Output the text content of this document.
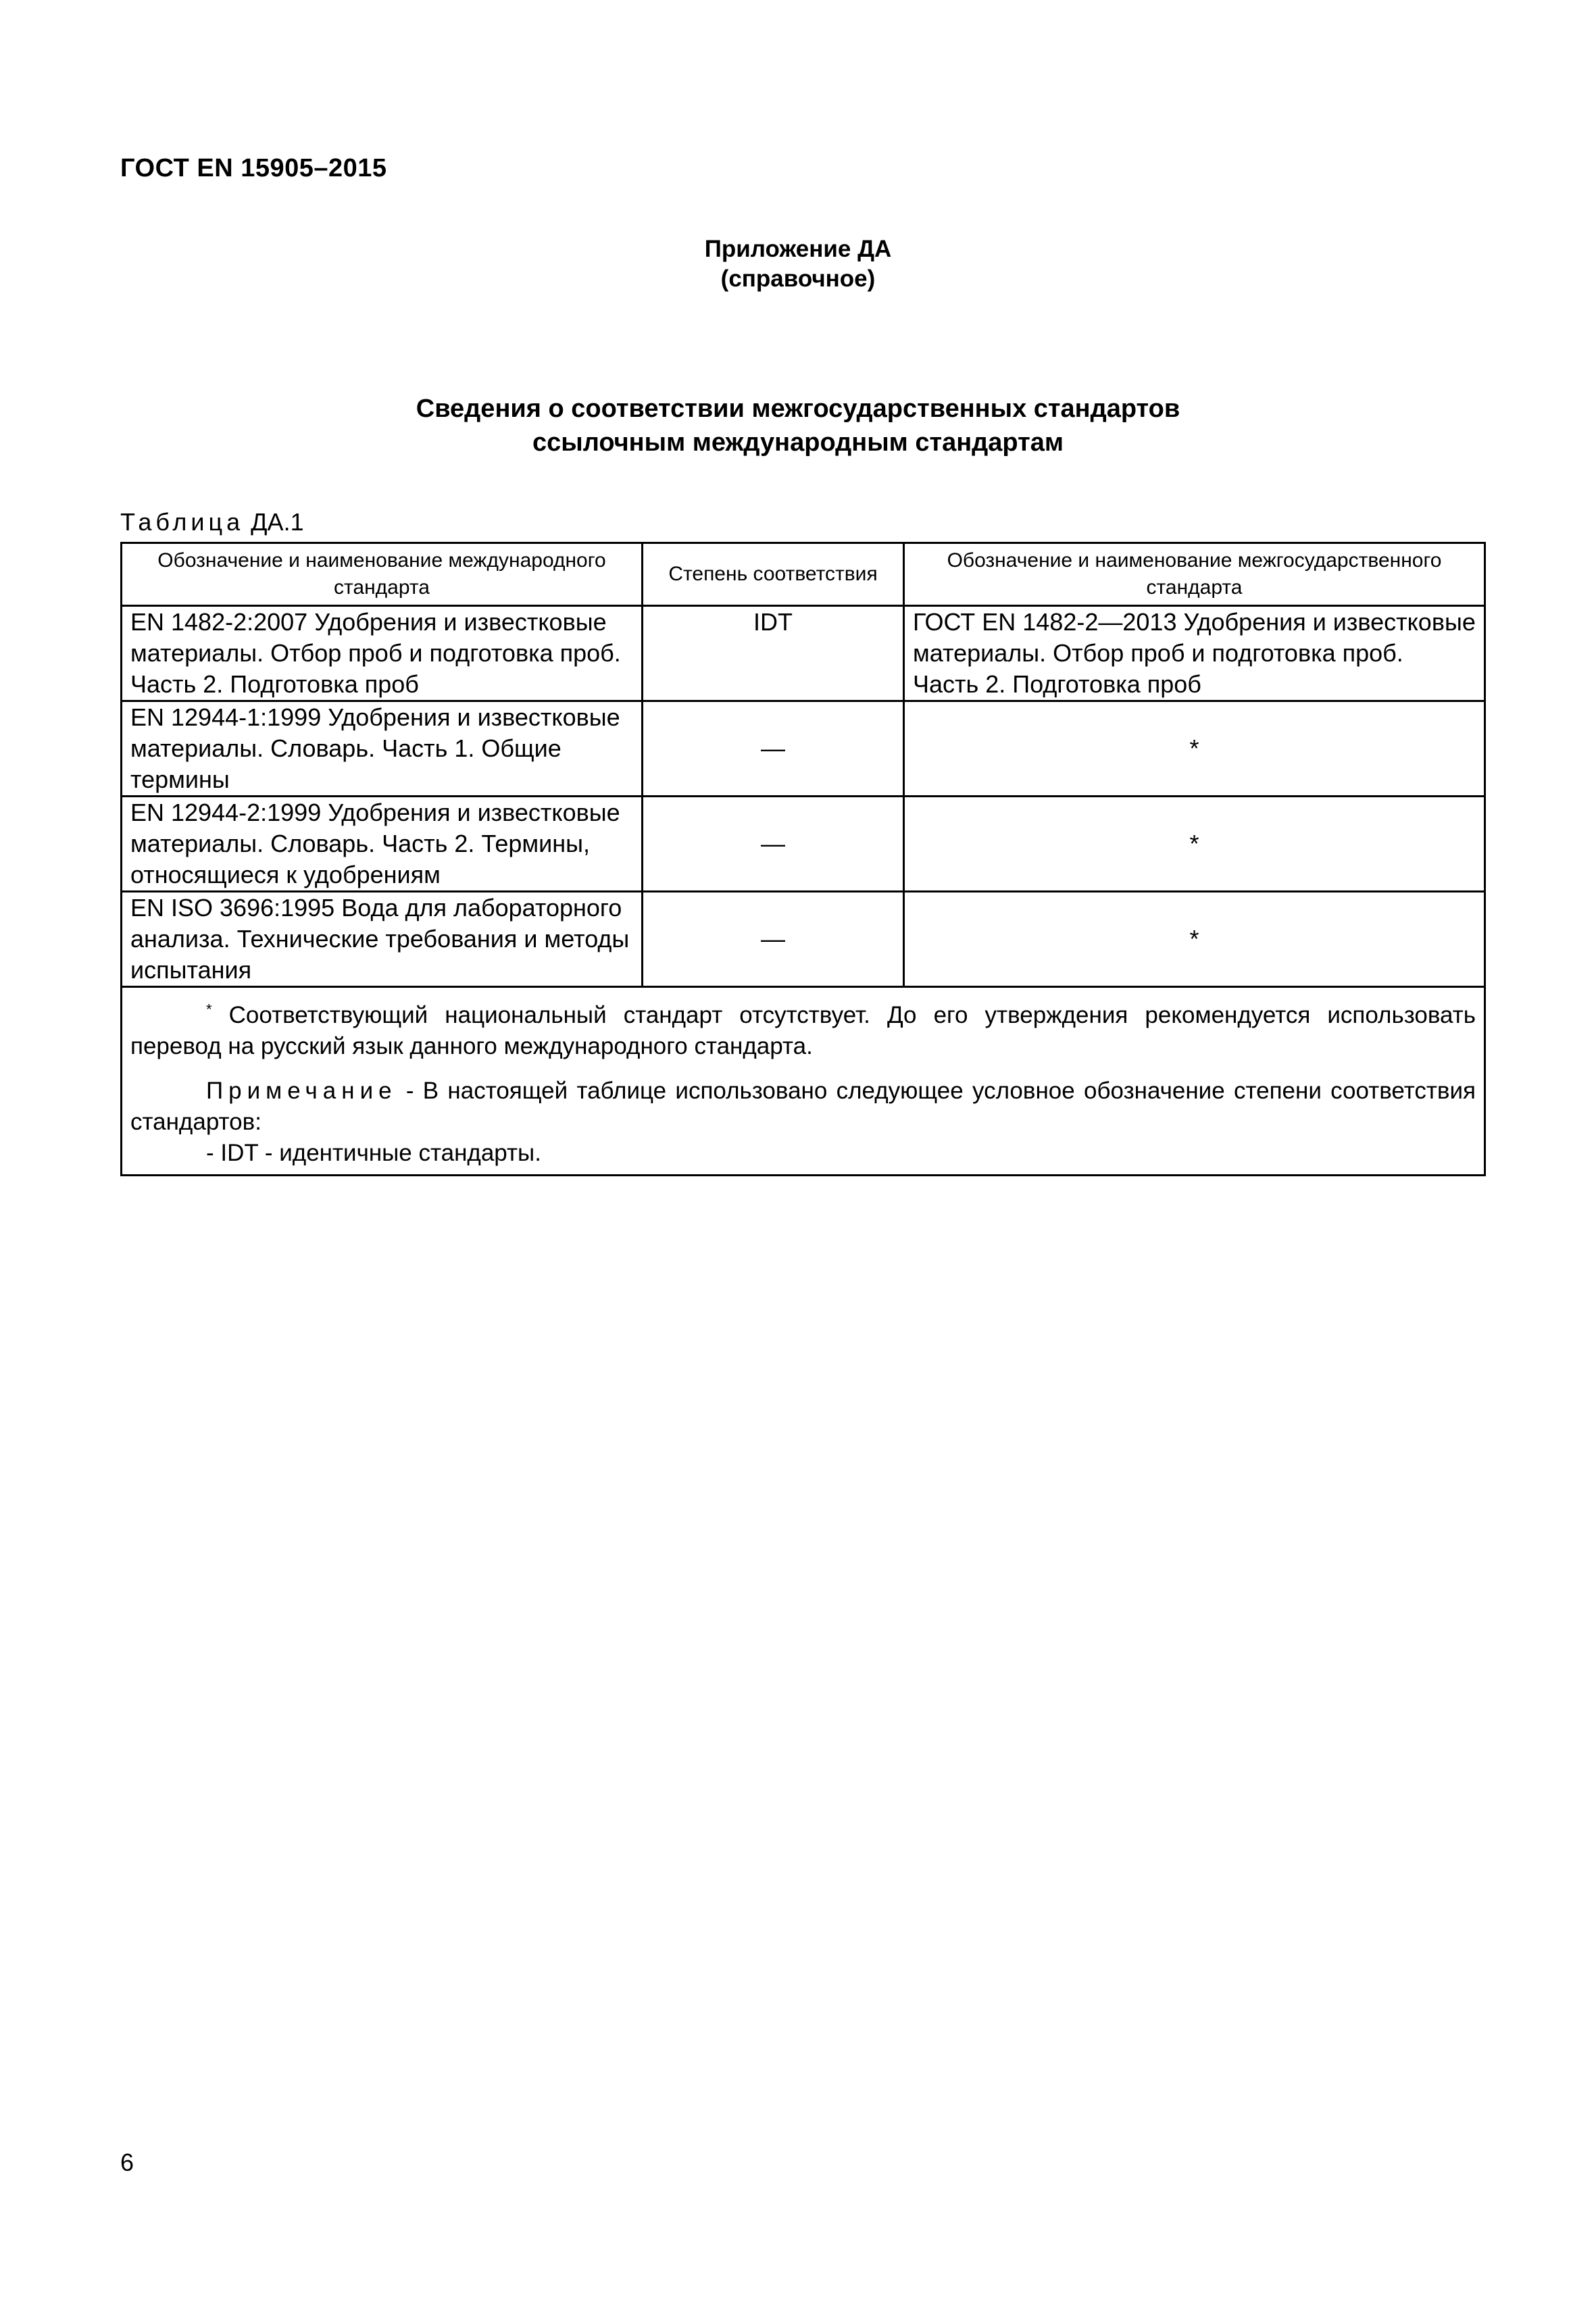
ГОСТ EN 15905–2015
Приложение ДА
(справочное)
Сведения о соответствии межгосударственных стандартов
ссылочным международным стандартам
Таблица ДА.1
Обозначение и наименование международного стандарта	Степень соответствия	Обозначение и наименование межгосударственного стандарта
EN 1482-2:2007 Удобрения и известковые материалы. Отбор проб и подготовка проб. Часть 2. Подготовка проб	IDT	ГОСТ EN 1482-2—2013 Удобрения и известковые материалы. Отбор проб и подготовка проб. Часть 2. Подготовка проб
EN 12944-1:1999 Удобрения и известковые материалы. Словарь. Часть 1. Общие термины	—	*
EN 12944-2:1999 Удобрения и известковые материалы. Словарь. Часть 2. Термины, относящиеся к удобрениям	—	*
EN ISO 3696:1995 Вода для лабораторного анализа. Технические требования и методы испытания	—	*

* Соответствующий национальный стандарт отсутствует. До его утверждения рекомендуется использовать перевод на русский язык данного международного стандарта.

Примечание - В настоящей таблице использовано следующее условное обозначение степени соответствия стандартов:

- IDT - идентичные стандарты.		

6
